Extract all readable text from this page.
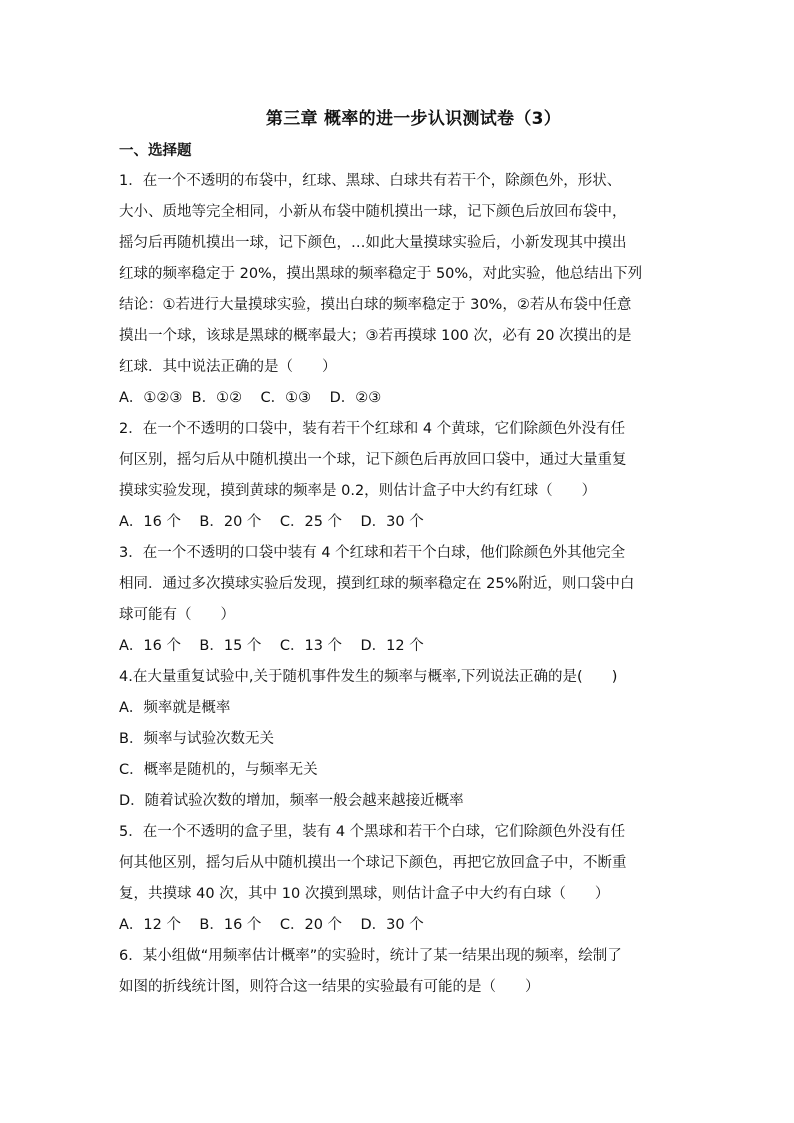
第三章 概率的进一步认识测试卷（3）
一、选择题
1．在一个不透明的布袋中，红球、黑球、白球共有若干个，除颜色外，形状、
大小、质地等完全相同，小新从布袋中随机摸出一球，记下颜色后放回布袋中，
摇匀后再随机摸出一球，记下颜色，…如此大量摸球实验后，小新发现其中摸出
红球的频率稳定于 20%，摸出黑球的频率稳定于 50%，对此实验，他总结出下列
结论：①若进行大量摸球实验，摸出白球的频率稳定于 30%，②若从布袋中任意
摸出一个球，该球是黑球的概率最大；③若再摸球 100 次，必有 20 次摸出的是
红球．其中说法正确的是（　　）
A．①②③  B．①②    C．①③    D．②③
2．在一个不透明的口袋中，装有若干个红球和 4 个黄球，它们除颜色外没有任
何区别，摇匀后从中随机摸出一个球，记下颜色后再放回口袋中，通过大量重复
摸球实验发现，摸到黄球的频率是 0.2，则估计盒子中大约有红球（　　）
A．16 个    B．20 个    C．25 个    D．30 个
3．在一个不透明的口袋中装有 4 个红球和若干个白球，他们除颜色外其他完全
相同．通过多次摸球实验后发现，摸到红球的频率稳定在 25%附近，则口袋中白
球可能有（　　）
A．16 个    B．15 个    C．13 个    D．12 个
4.在大量重复试验中,关于随机事件发生的频率与概率,下列说法正确的是(　　)
A．频率就是概率
B．频率与试验次数无关
C．概率是随机的，与频率无关
D．随着试验次数的增加，频率一般会越来越接近概率
5．在一个不透明的盒子里，装有 4 个黑球和若干个白球，它们除颜色外没有任
何其他区别，摇匀后从中随机摸出一个球记下颜色，再把它放回盒子中，不断重
复，共摸球 40 次，其中 10 次摸到黑球，则估计盒子中大约有白球（　　）
A．12 个    B．16 个    C．20 个    D．30 个
6．某小组做“用频率估计概率”的实验时，统计了某一结果出现的频率，绘制了
如图的折线统计图，则符合这一结果的实验最有可能的是（　　）
